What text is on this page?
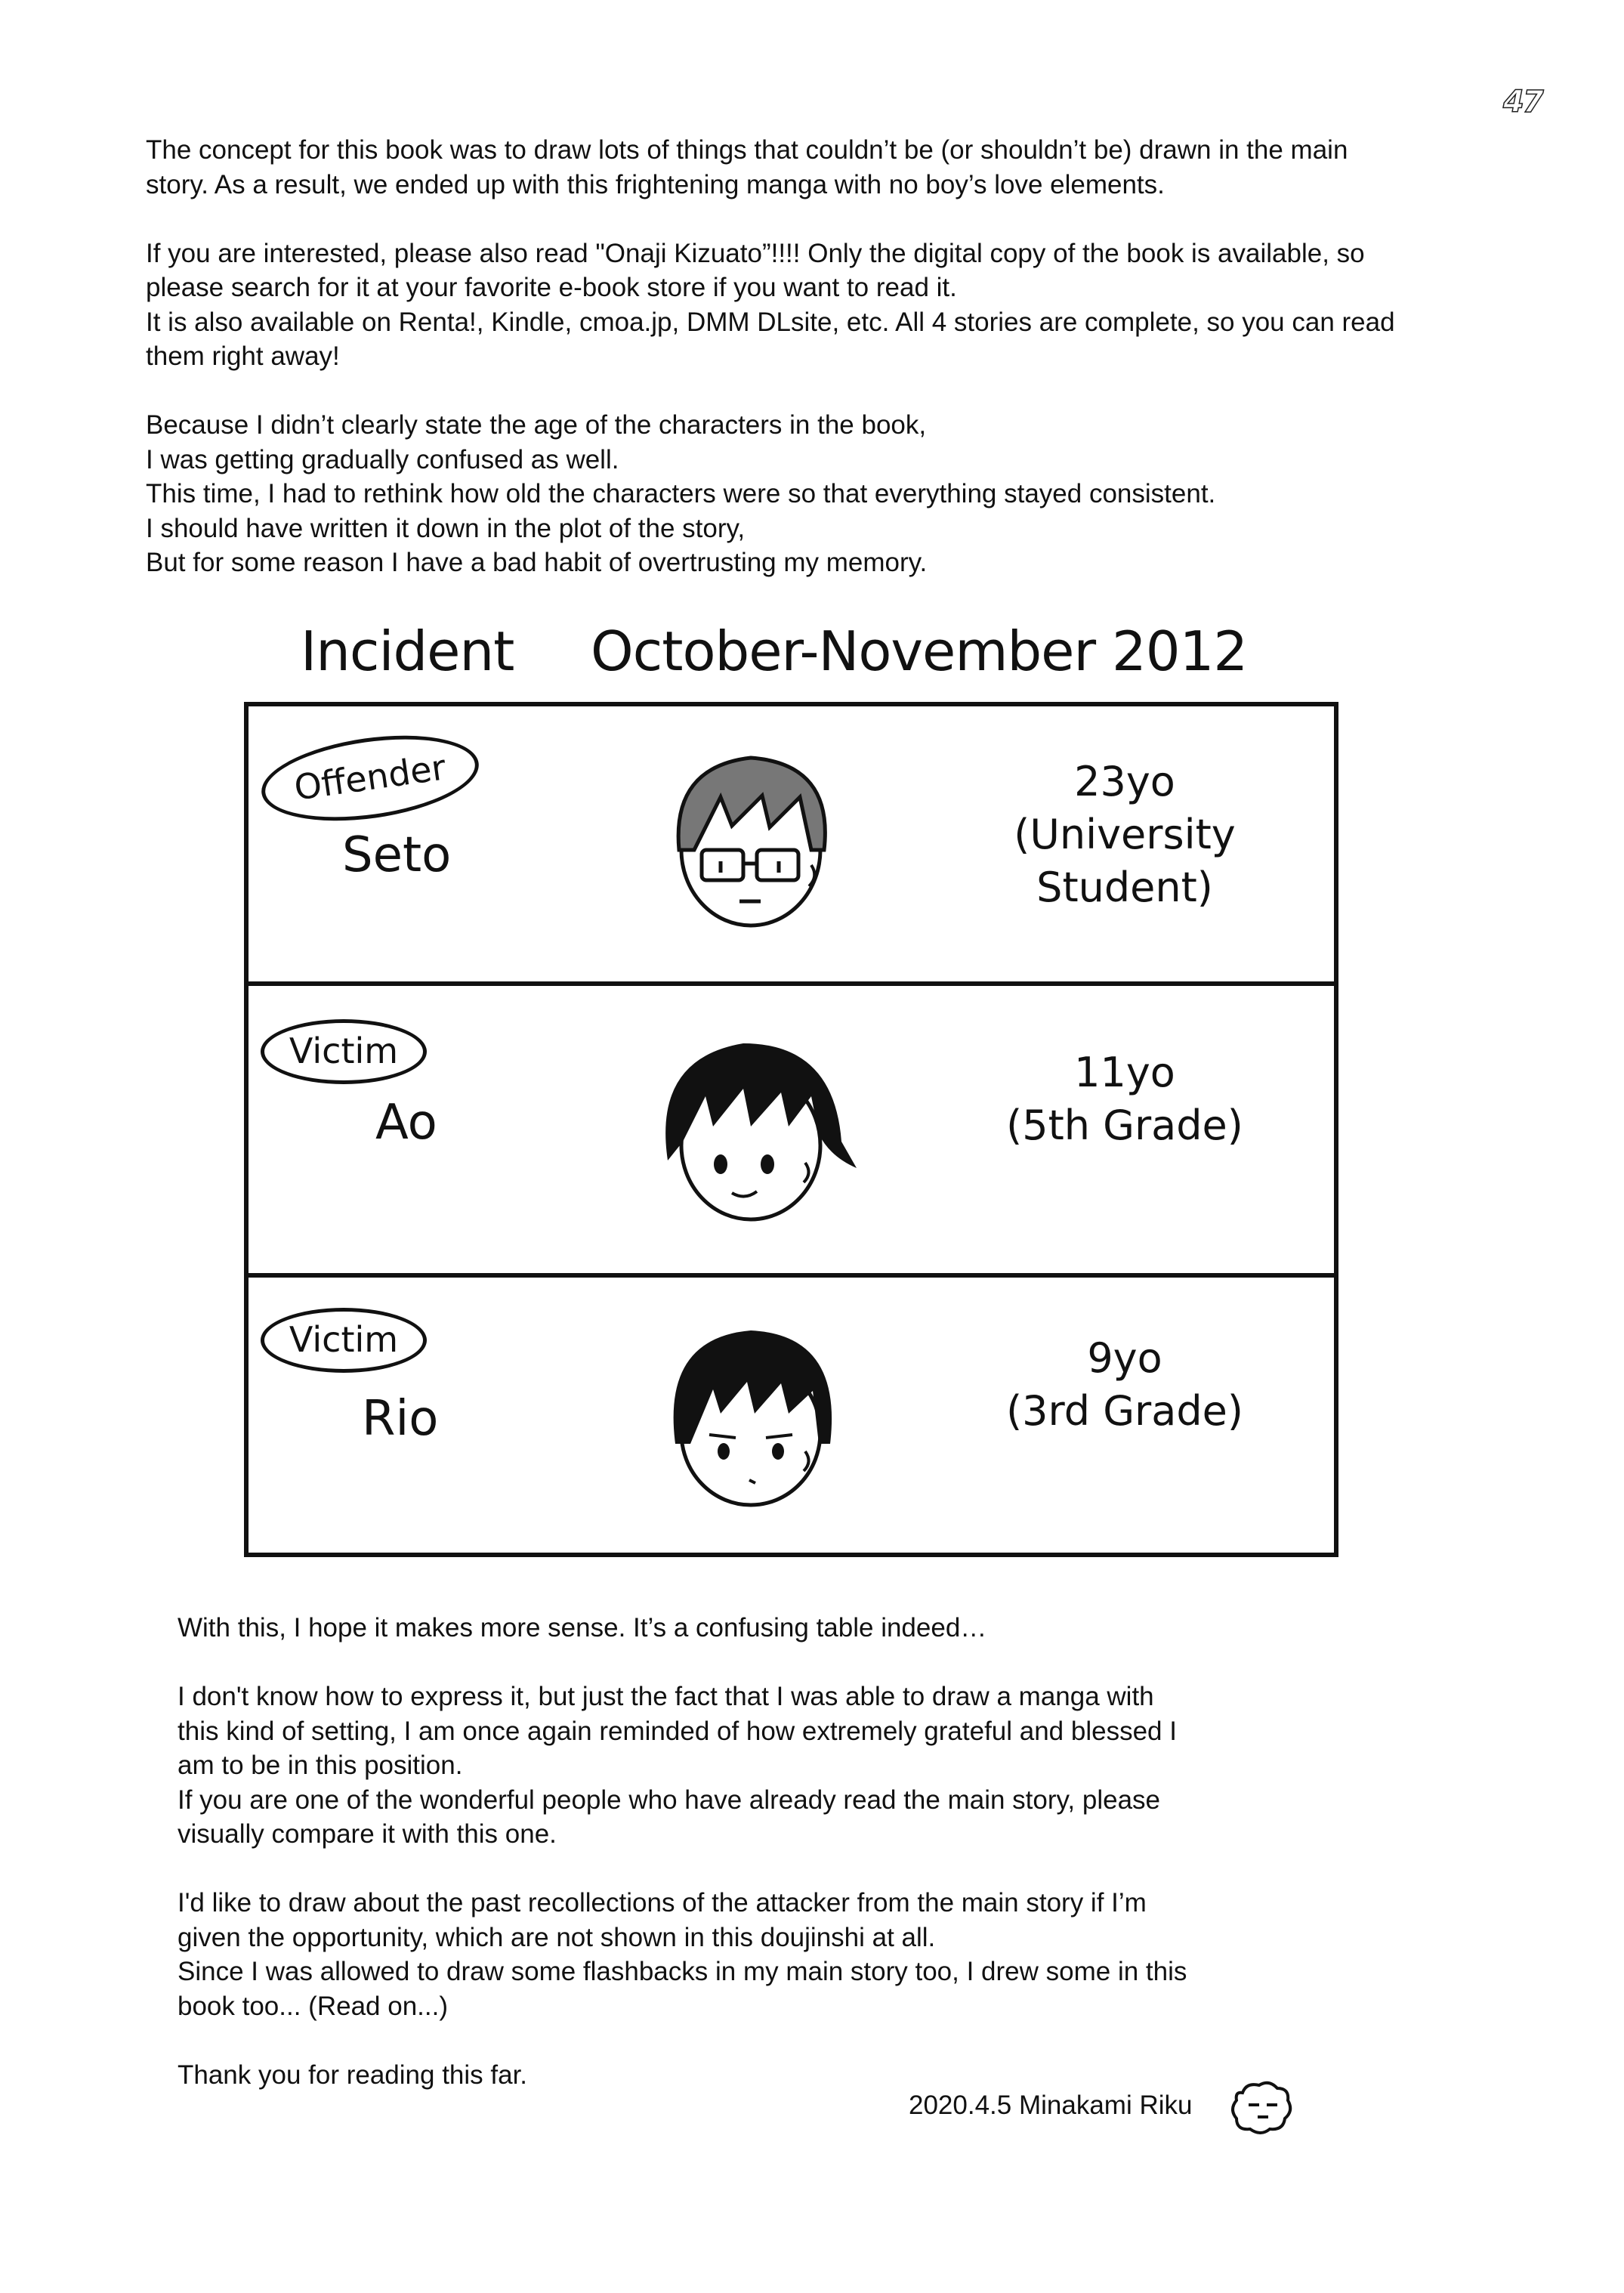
47
The concept for this book was to draw lots of things that couldn’t be (or shouldn’t be) drawn in the main
story. As a result, we ended up with this frightening manga with no boy’s love elements.
If you are interested, please also read "Onaji Kizuato”!!!! Only the digital copy of the book is available, so
please search for it at your favorite e-book store if you want to read it.
It is also available on Renta!, Kindle, cmoa.jp, DMM DLsite, etc. All 4 stories are complete, so you can read
them right away!
Because I didn’t clearly state the age of the characters in the book,
I was getting gradually confused as well.
This time, I had to rethink how old the characters were so that everything stayed consistent.
I should have written it down in the plot of the story,
But for some reason I have a bad habit of overtrusting my memory.
Incident October-November 2012
Offender
Seto
23yo
(University
Student)
Victim
Ao
11yo
(5th Grade)
Victim
Rio
9yo
(3rd Grade)
With this, I hope it makes more sense. It’s a confusing table indeed…
I don't know how to express it, but just the fact that I was able to draw a manga with
this kind of setting, I am once again reminded of how extremely grateful and blessed I
am to be in this position.
If you are one of the wonderful people who have already read the main story, please
visually compare it with this one.
I'd like to draw about the past recollections of the attacker from the main story if I’m
given the opportunity, which are not shown in this doujinshi at all.
Since I was allowed to draw some flashbacks in my main story too, I drew some in this
book too... (Read on...)
Thank you for reading this far.
2020.4.5 Minakami Riku
